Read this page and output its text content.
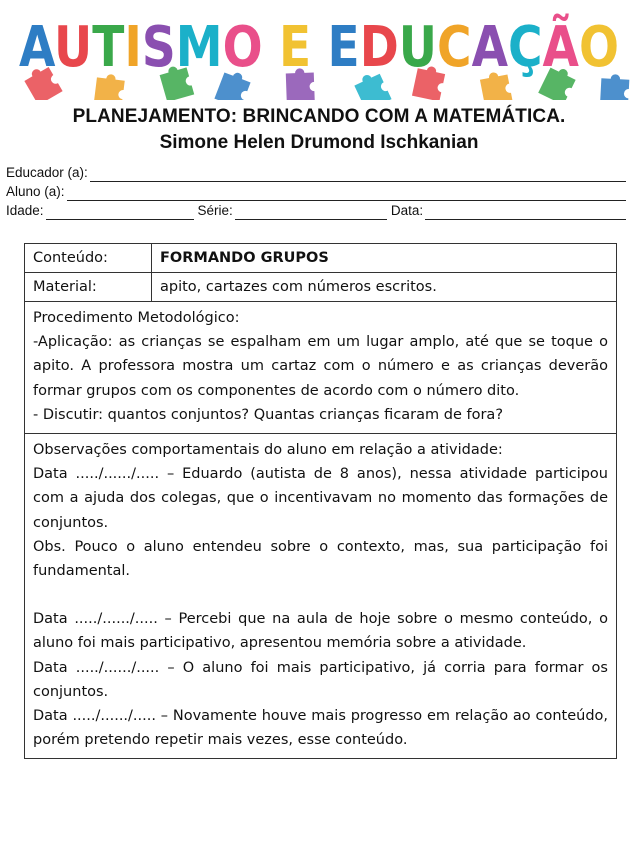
AUTISMO E EDUCAÇÃO
PLANEJAMENTO: BRINCANDO COM A MATEMÁTICA.
Simone Helen Drumond Ischkanian
Educador (a):
Aluno (a):
Idade:	Série:	Data:
Conteúdo:	FORMANDO GRUPOS
Material:	apito, cartazes com números escritos.

Procedimento Metodológico:

-Aplicação: as crianças se espalham em um lugar amplo, até que se toque o apito. A professora mostra um cartaz com o número e as crianças deverão formar grupos com os componentes de acordo com o número dito.

- Discutir: quantos conjuntos? Quantas crianças ficaram de fora?

Observações comportamentais do aluno em relação a atividade:

Data ...../....../..... – Eduardo (autista de 8 anos), nessa atividade participou com a ajuda dos colegas, que o incentivavam no momento das formações de conjuntos.

Obs. Pouco o aluno entendeu sobre o contexto, mas, sua participação foi fundamental.

Data ...../....../..... – Percebi que na aula de hoje sobre o mesmo conteúdo, o aluno foi mais participativo, apresentou memória sobre a atividade.

Data ...../....../..... – O aluno foi mais participativo, já corria para formar os conjuntos.

Data ...../....../..... – Novamente houve mais progresso em relação ao conteúdo, porém pretendo repetir mais vezes, esse conteúdo.
